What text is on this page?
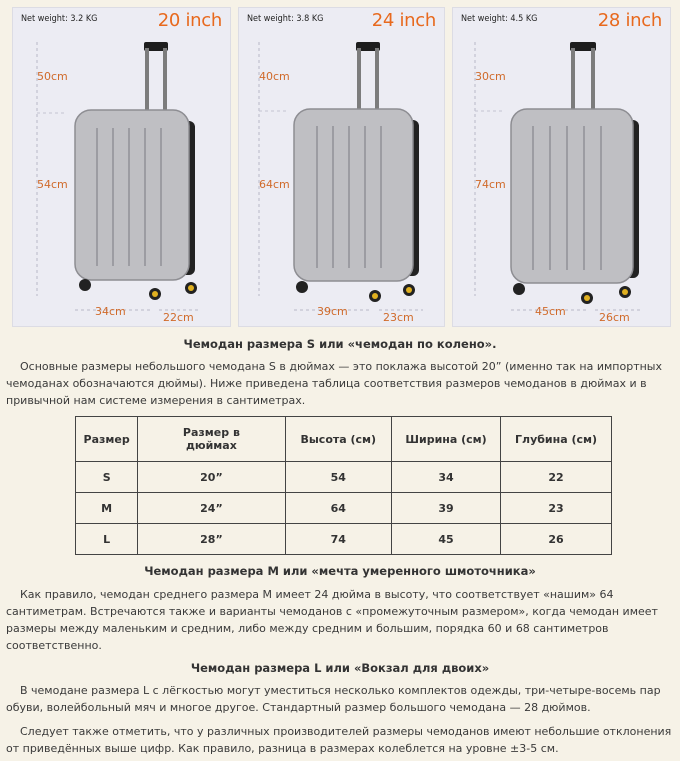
50cm
54cm
34cm	22cm
Net weight: 3.2 KG	20 inch
40cm
64cm
39cm	23cm
Net weight: 3.8 KG	24 inch
30cm
74cm
45cm	26cm
Net weight: 4.5 KG	28 inch
Чемодан размера S или «чемодан по колено».

Основные размеры небольшого чемодана S в дюймах — это поклажа высотой 20” (именно так на импортных чемоданах обозначаются дюймы). Ниже приведена таблица соответствия размеров чемоданов в дюймах и в привычной нам системе измерения в сантиметрах.

Размер	Размер в дюймах	Высота (см)	Ширина (см)	Глубина (см)
S	20”	54	34	22
M	24”	64	39	23
L	28”	74	45	26
Чемодан размера M или «мечта умеренного шмоточника»

Как правило, чемодан среднего размера M имеет 24 дюйма в высоту, что соответствует «нашим» 64 сантиметрам. Встречаются также и варианты чемоданов с «промежуточным размером», когда чемодан имеет размеры между маленьким и средним, либо между средним и большим, порядка 60 и 68 сантиметров соответственно.

Чемодан размера L или «Вокзал для двоих»

В чемодане размера L с лёгкостью могут уместиться несколько комплектов одежды, три-четыре-восемь пар обуви, волейбольный мяч и многое другое. Стандартный размер большого чемодана — 28 дюймов.

Следует также отметить, что у различных производителей размеры чемоданов имеют небольшие отклонения от приведённых выше цифр. Как правило, разница в размерах колеблется на уровне ±3-5 см.
